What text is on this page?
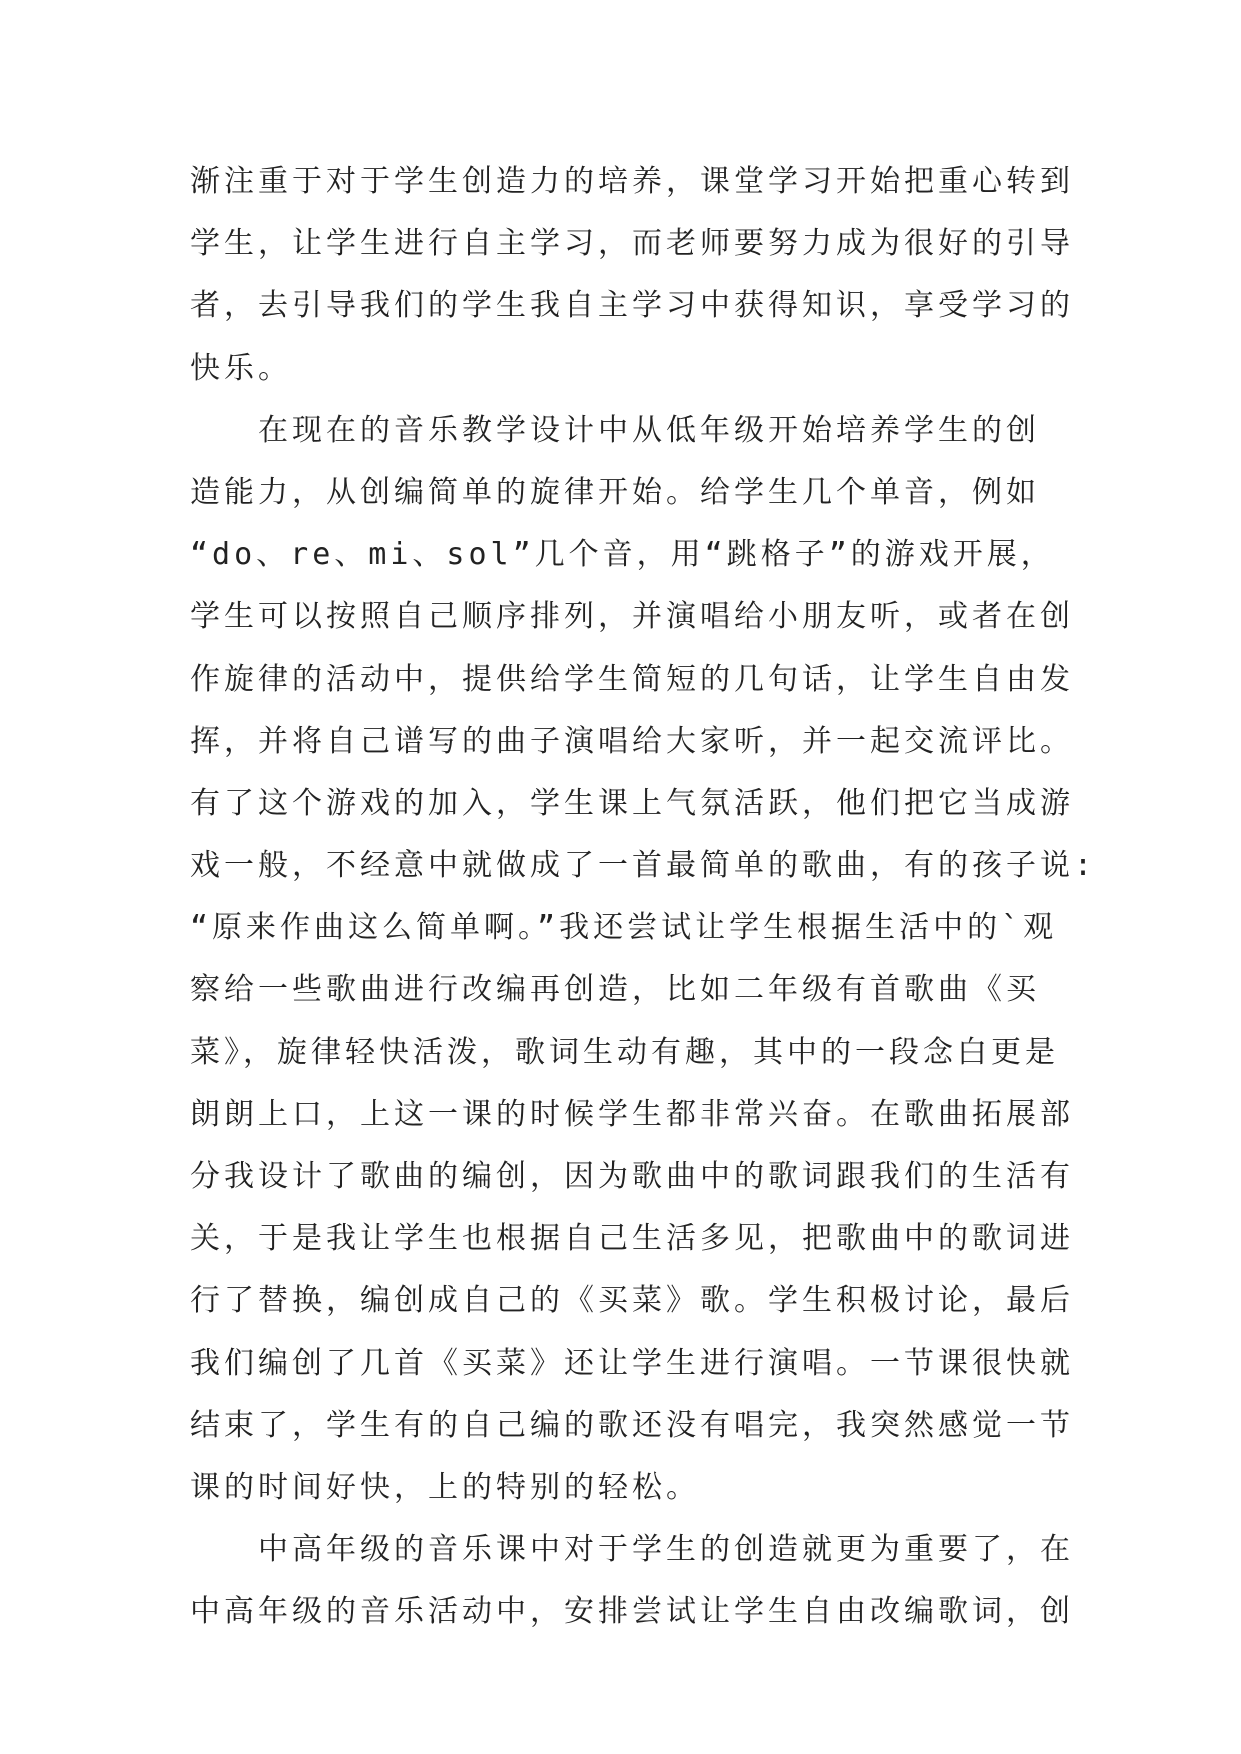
渐注重于对于学生创造力的培养，课堂学习开始把重心转到
学生，让学生进行自主学习，而老师要努力成为很好的引导
者，去引导我们的学生我自主学习中获得知识，享受学习的
快乐。
在现在的音乐教学设计中从低年级开始培养学生的创
造能力，从创编简单的旋律开始。给学生几个单音，例如
“do、re、mi、sol”几个音，用“跳格子”的游戏开展，
学生可以按照自己顺序排列，并演唱给小朋友听，或者在创
作旋律的活动中，提供给学生简短的几句话，让学生自由发
挥，并将自己谱写的曲子演唱给大家听，并一起交流评比。
有了这个游戏的加入，学生课上气氛活跃，他们把它当成游
戏一般，不经意中就做成了一首最简单的歌曲，有的孩子说:
“原来作曲这么简单啊。”我还尝试让学生根据生活中的`观
察给一些歌曲进行改编再创造，比如二年级有首歌曲《买
菜》，旋律轻快活泼，歌词生动有趣，其中的一段念白更是
朗朗上口，上这一课的时候学生都非常兴奋。在歌曲拓展部
分我设计了歌曲的编创，因为歌曲中的歌词跟我们的生活有
关，于是我让学生也根据自己生活多见，把歌曲中的歌词进
行了替换，编创成自己的《买菜》歌。学生积极讨论，最后
我们编创了几首《买菜》还让学生进行演唱。一节课很快就
结束了，学生有的自己编的歌还没有唱完，我突然感觉一节
课的时间好快，上的特别的轻松。
中高年级的音乐课中对于学生的创造就更为重要了，在
中高年级的音乐活动中，安排尝试让学生自由改编歌词，创
